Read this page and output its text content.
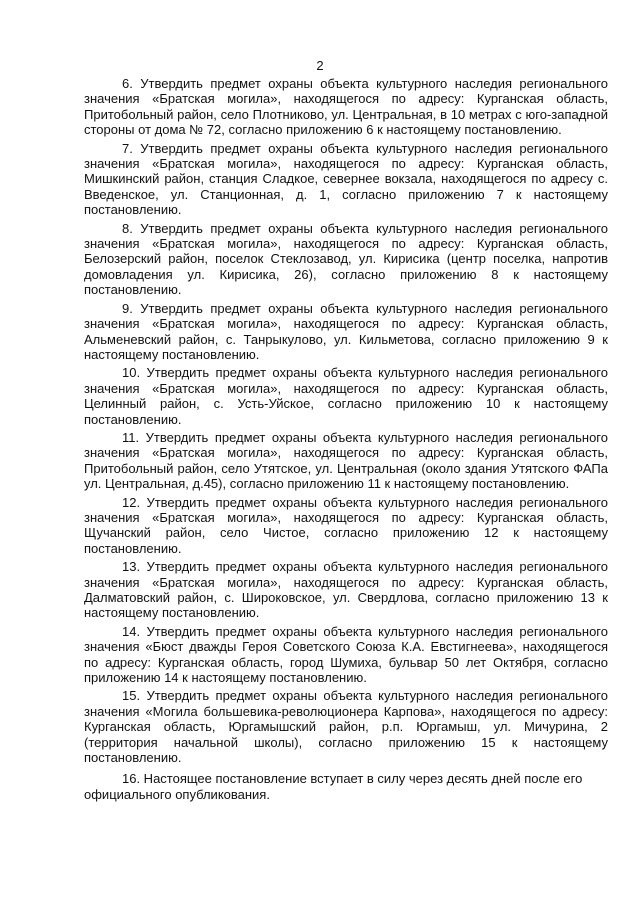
2

6. Утвердить предмет охраны объекта культурного наследия регионального значения «Братская могила», находящегося по адресу: Курганская область, Притобольный район, село Плотниково, ул. Центральная, в 10 метрах с юго-западной стороны от дома № 72, согласно приложению 6 к настоящему постановлению.

7. Утвердить предмет охраны объекта культурного наследия регионального значения «Братская могила», находящегося по адресу: Курганская область, Мишкинский район, станция Сладкое, севернее вокзала, находящегося по адресу с. Введенское, ул. Станционная, д. 1, согласно приложению 7 к настоящему постановлению.

8. Утвердить предмет охраны объекта культурного наследия регионального значения «Братская могила», находящегося по адресу: Курганская область, Белозерский район, поселок Стеклозавод, ул. Кирисика (центр поселка, напротив домовладения ул. Кирисика, 26), согласно приложению 8 к настоящему постановлению.

9. Утвердить предмет охраны объекта культурного наследия регионального значения «Братская могила», находящегося по адресу: Курганская область, Альменевский район, с. Танрыкулово, ул. Кильметова, согласно приложению 9 к настоящему постановлению.

10. Утвердить предмет охраны объекта культурного наследия регионального значения «Братская могила», находящегося по адресу: Курганская область, Целинный район, с. Усть-Уйское, согласно приложению 10 к настоящему постановлению.

11. Утвердить предмет охраны объекта культурного наследия регионального значения «Братская могила», находящегося по адресу: Курганская область, Притобольный район, село Утятское, ул. Центральная (около здания Утятского ФАПа ул. Центральная, д.45), согласно приложению 11 к настоящему постановлению.

12. Утвердить предмет охраны объекта культурного наследия регионального значения «Братская могила», находящегося по адресу: Курганская область, Щучанский район, село Чистое, согласно приложению 12 к настоящему постановлению.

13. Утвердить предмет охраны объекта культурного наследия регионального значения «Братская могила», находящегося по адресу: Курганская область, Далматовский район, с. Широковское, ул. Свердлова, согласно приложению 13 к настоящему постановлению.

14. Утвердить предмет охраны объекта культурного наследия регионального значения «Бюст дважды Героя Советского Союза К.А. Евстигнеева», находящегося по адресу: Курганская область, город Шумиха, бульвар 50 лет Октября, согласно приложению 14 к настоящему постановлению.

15. Утвердить предмет охраны объекта культурного наследия регионального значения «Могила большевика-революционера Карпова», находящегося по адресу: Курганская область, Юргамышский район, р.п. Юргамыш, ул. Мичурина, 2 (территория начальной школы), согласно приложению 15 к настоящему постановлению.

16. Настоящее постановление вступает в силу через десять дней после его официального опубликования.
